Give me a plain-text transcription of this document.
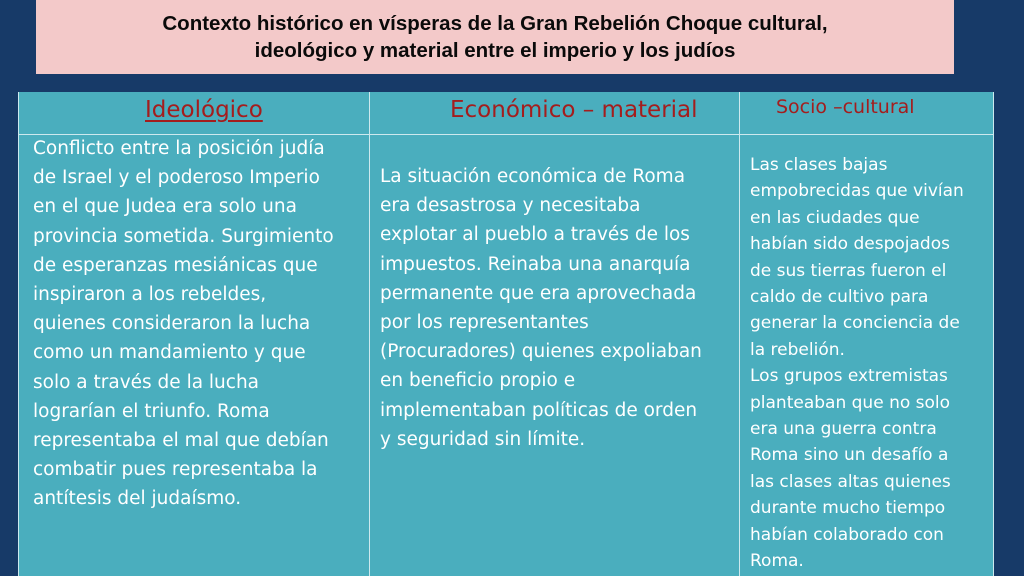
Contexto histórico en vísperas de la Gran Rebelión Choque cultural,
ideológico y material entre el imperio y los judíos
Ideológico
Conflicto entre la posición judía
de Israel y el poderoso Imperio
en el que Judea era solo una
provincia sometida. Surgimiento
de esperanzas mesiánicas que
inspiraron a los rebeldes,
quienes consideraron la lucha
como un mandamiento y que
solo a través de la lucha
lograrían el triunfo. Roma
representaba el mal que debían
combatir pues representaba la
antítesis del judaísmo.
Económico – material
La situación económica de Roma
era desastrosa y necesitaba
explotar al pueblo a través de los
impuestos. Reinaba una anarquía
permanente que era aprovechada
por los representantes
(Procuradores) quienes expoliaban
en beneficio propio e
implementaban políticas de orden
y seguridad sin límite.
Socio –cultural
Las clases bajas
empobrecidas que vivían
en las ciudades que
habían sido despojados
de sus tierras fueron el
caldo de cultivo para
generar la conciencia de
la rebelión.
Los grupos extremistas
planteaban que no solo
era una guerra contra
Roma sino un desafío a
las clases altas quienes
durante mucho tiempo
habían colaborado con
Roma.
